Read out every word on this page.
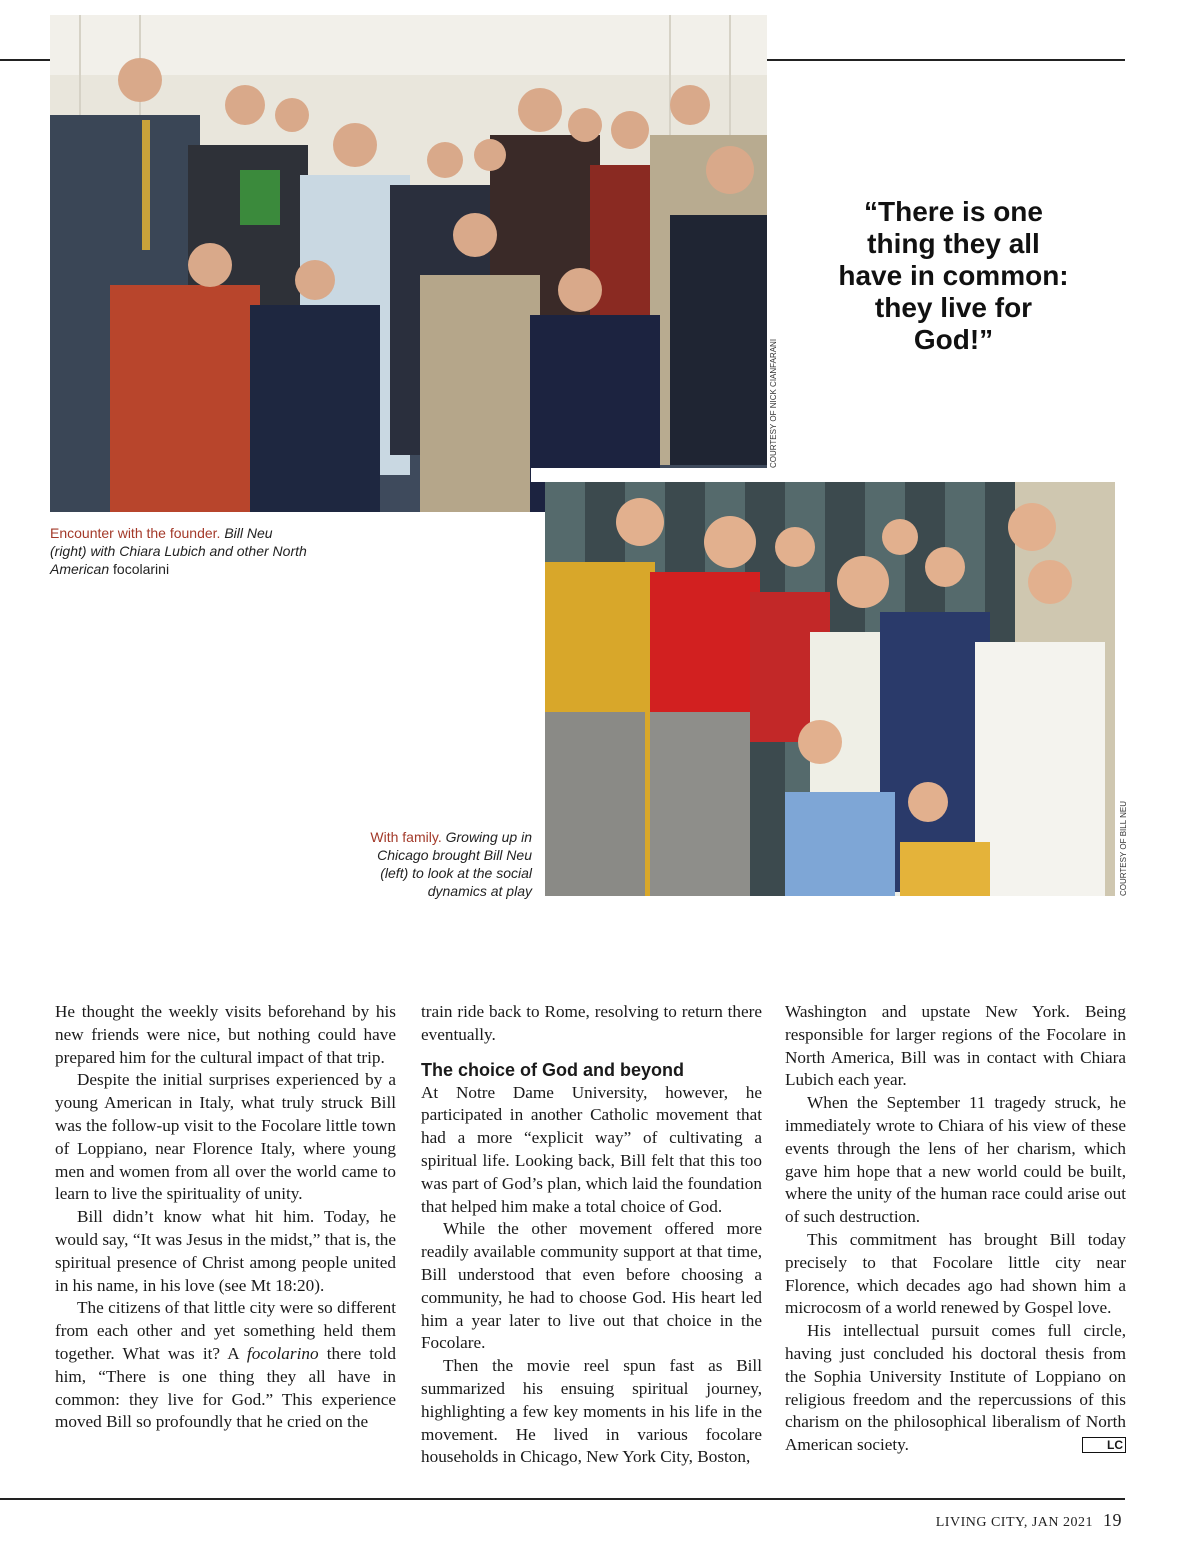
COURTESY OF NICK CIANFARANI
“There is one thing they all have in common: they live for God!”
Encounter with the founder. Bill Neu (right) with Chiara Lubich and other North American focolarini
COURTESY OF BILL NEU
With family. Growing up in Chicago brought Bill Neu (left) to look at the social dynamics at play

He thought the weekly visits beforehand by his new friends were nice, but nothing could have prepared him for the cultural impact of that trip.

Despite the initial surprises experienced by a young American in Italy, what truly struck Bill was the follow-up visit to the Focolare little town of Loppiano, near Florence Italy, where young men and women from all over the world came to learn to live the spirituality of unity.

Bill didn’t know what hit him. Today, he would say, “It was Jesus in the midst,” that is, the spiritual presence of Christ among people united in his name, in his love (see Mt 18:20).

The citizens of that little city were so different from each other and yet something held them together. What was it? A focolarino there told him, “There is one thing they all have in common: they live for God.” This experience moved Bill so profoundly that he cried on the

train ride back to Rome, resolving to return there eventually.

The choice of God and beyond

At Notre Dame University, however, he participated in another Catholic movement that had a more “explicit way” of cultivating a spiritual life. Looking back, Bill felt that this too was part of God’s plan, which laid the foundation that helped him make a total choice of God.

While the other movement offered more readily available community support at that time, Bill understood that even before choosing a community, he had to choose God. His heart led him a year later to live out that choice in the Focolare.

Then the movie reel spun fast as Bill summarized his ensuing spiritual journey, highlighting a few key moments in his life in the movement. He lived in various focolare households in Chicago, New York City, Boston,

Washington and upstate New York. Being responsible for larger regions of the Focolare in North America, Bill was in contact with Chiara Lubich each year.

When the September 11 tragedy struck, he immediately wrote to Chiara of his view of these events through the lens of her charism, which gave him hope that a new world could be built, where the unity of the human race could arise out of such destruction.

This commitment has brought Bill today precisely to that Focolare little city near Florence, which decades ago had shown him a microcosm of a world renewed by Gospel love.

His intellectual pursuit comes full circle, having just concluded his doctoral thesis from the Sophia University Institute of Loppiano on religious freedom and the repercussions of this charism on the philosophical liberalism of North American society.	LC

LIVING CITY, JAN 2021 19
